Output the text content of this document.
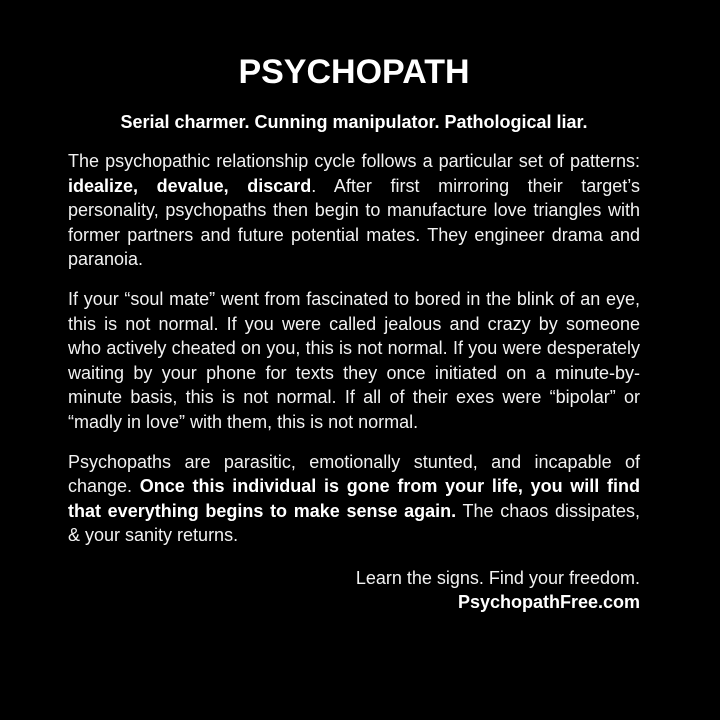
PSYCHOPATH
Serial charmer. Cunning manipulator. Pathological liar.
The psychopathic relationship cycle follows a particular set of patterns: idealize, devalue, discard. After first mirroring their target’s personality, psychopaths then begin to manufacture love triangles with former partners and future potential mates. They engineer drama and paranoia.
If your “soul mate” went from fascinated to bored in the blink of an eye, this is not normal. If you were called jealous and crazy by someone who actively cheated on you, this is not normal. If you were desperately waiting by your phone for texts they once initiated on a minute-by-minute basis, this is not normal. If all of their exes were “bipolar” or “madly in love” with them, this is not normal.
Psychopaths are parasitic, emotionally stunted, and incapable of change. Once this individual is gone from your life, you will find that everything begins to make sense again. The chaos dissipates, & your sanity returns.
Learn the signs. Find your freedom.
PsychopathFree.com
